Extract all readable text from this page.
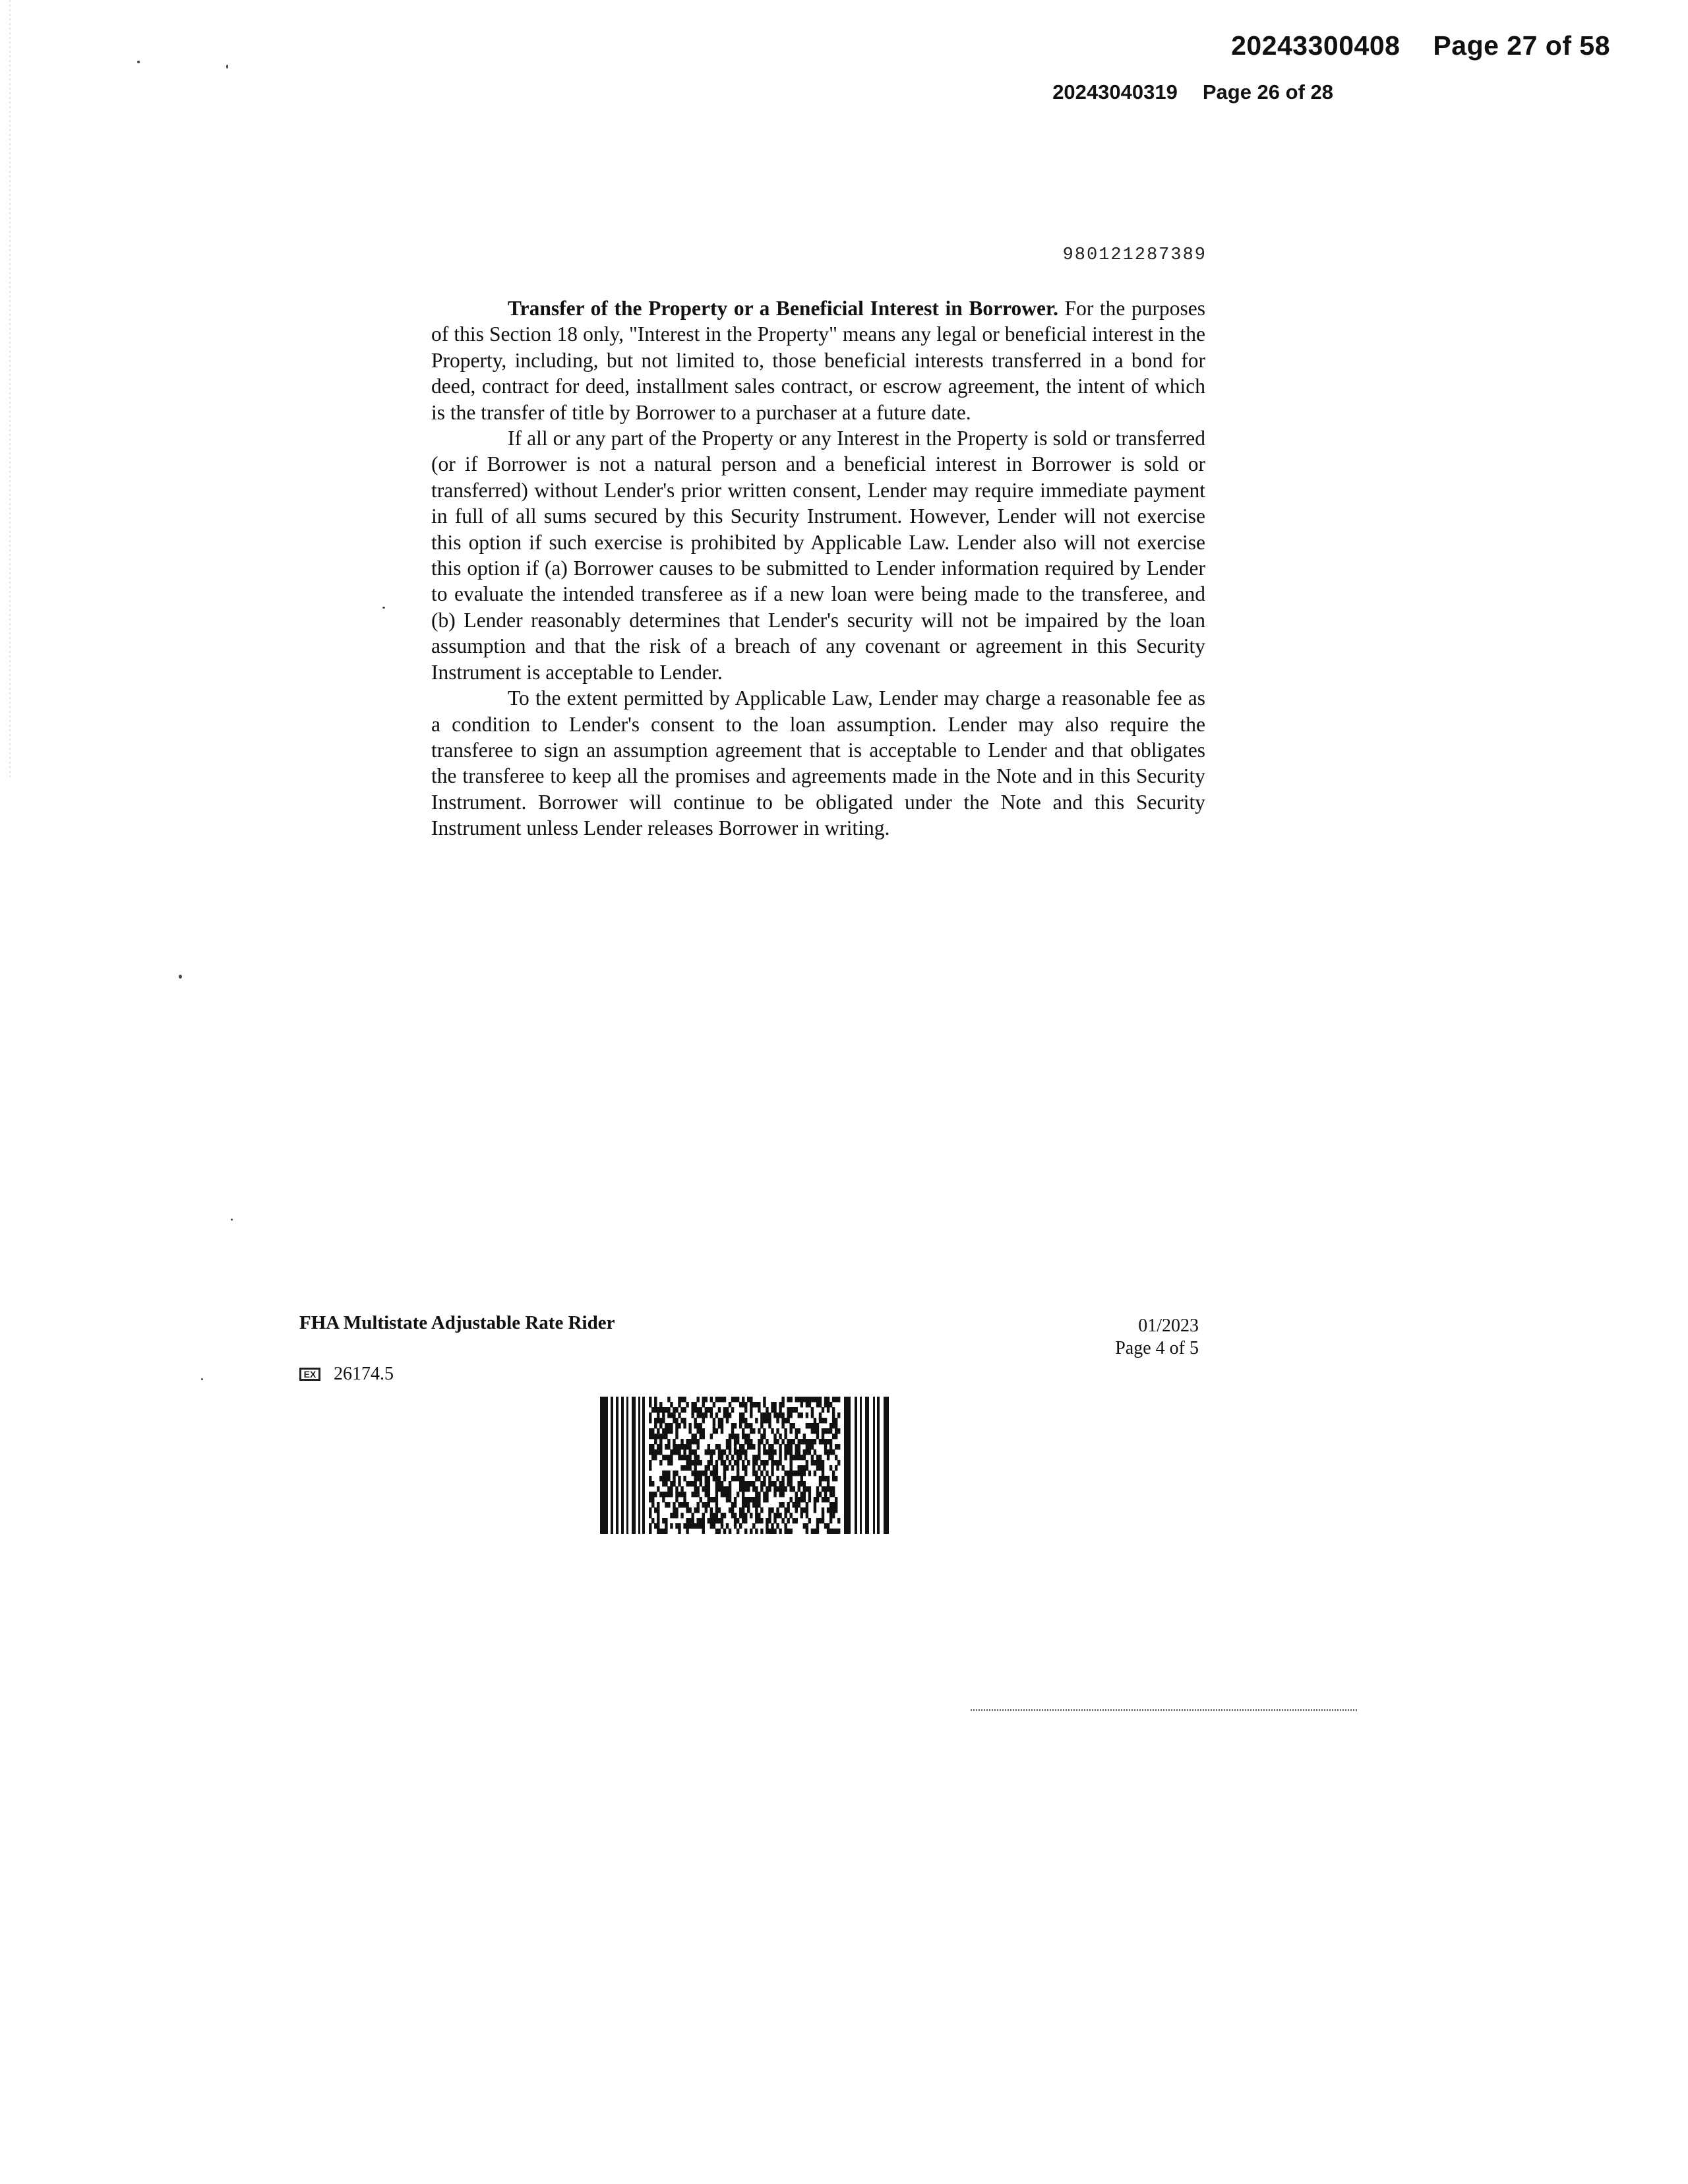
20243300408 Page 27 of 58
20243040319 Page 26 of 28
980121287389

Transfer of the Property or a Beneficial Interest in Borrower. For the purposes of this Section 18 only, "Interest in the Property" means any legal or beneficial interest in the Property, including, but not limited to, those beneficial interests transferred in a bond for deed, contract for deed, installment sales contract, or escrow agreement, the intent of which is the transfer of title by Borrower to a purchaser at a future date.

If all or any part of the Property or any Interest in the Property is sold or transferred (or if Borrower is not a natural person and a beneficial interest in Borrower is sold or transferred) without Lender's prior written consent, Lender may require immediate payment in full of all sums secured by this Security Instrument. However, Lender will not exercise this option if such exercise is prohibited by Applicable Law. Lender also will not exercise this option if (a) Borrower causes to be submitted to Lender information required by Lender to evaluate the intended transferee as if a new loan were being made to the transferee, and (b) Lender reasonably determines that Lender's security will not be impaired by the loan assumption and that the risk of a breach of any covenant or agreement in this Security Instrument is acceptable to Lender.

To the extent permitted by Applicable Law, Lender may charge a reasonable fee as a condition to Lender's consent to the loan assumption. Lender may also require the transferee to sign an assumption agreement that is acceptable to Lender and that obligates the transferee to keep all the promises and agreements made in the Note and in this Security Instrument. Borrower will continue to be obligated under the Note and this Security Instrument unless Lender releases Borrower in writing.

FHA Multistate Adjustable Rate Rider	01/2023
Page 4 of 5
EX 26174.5
